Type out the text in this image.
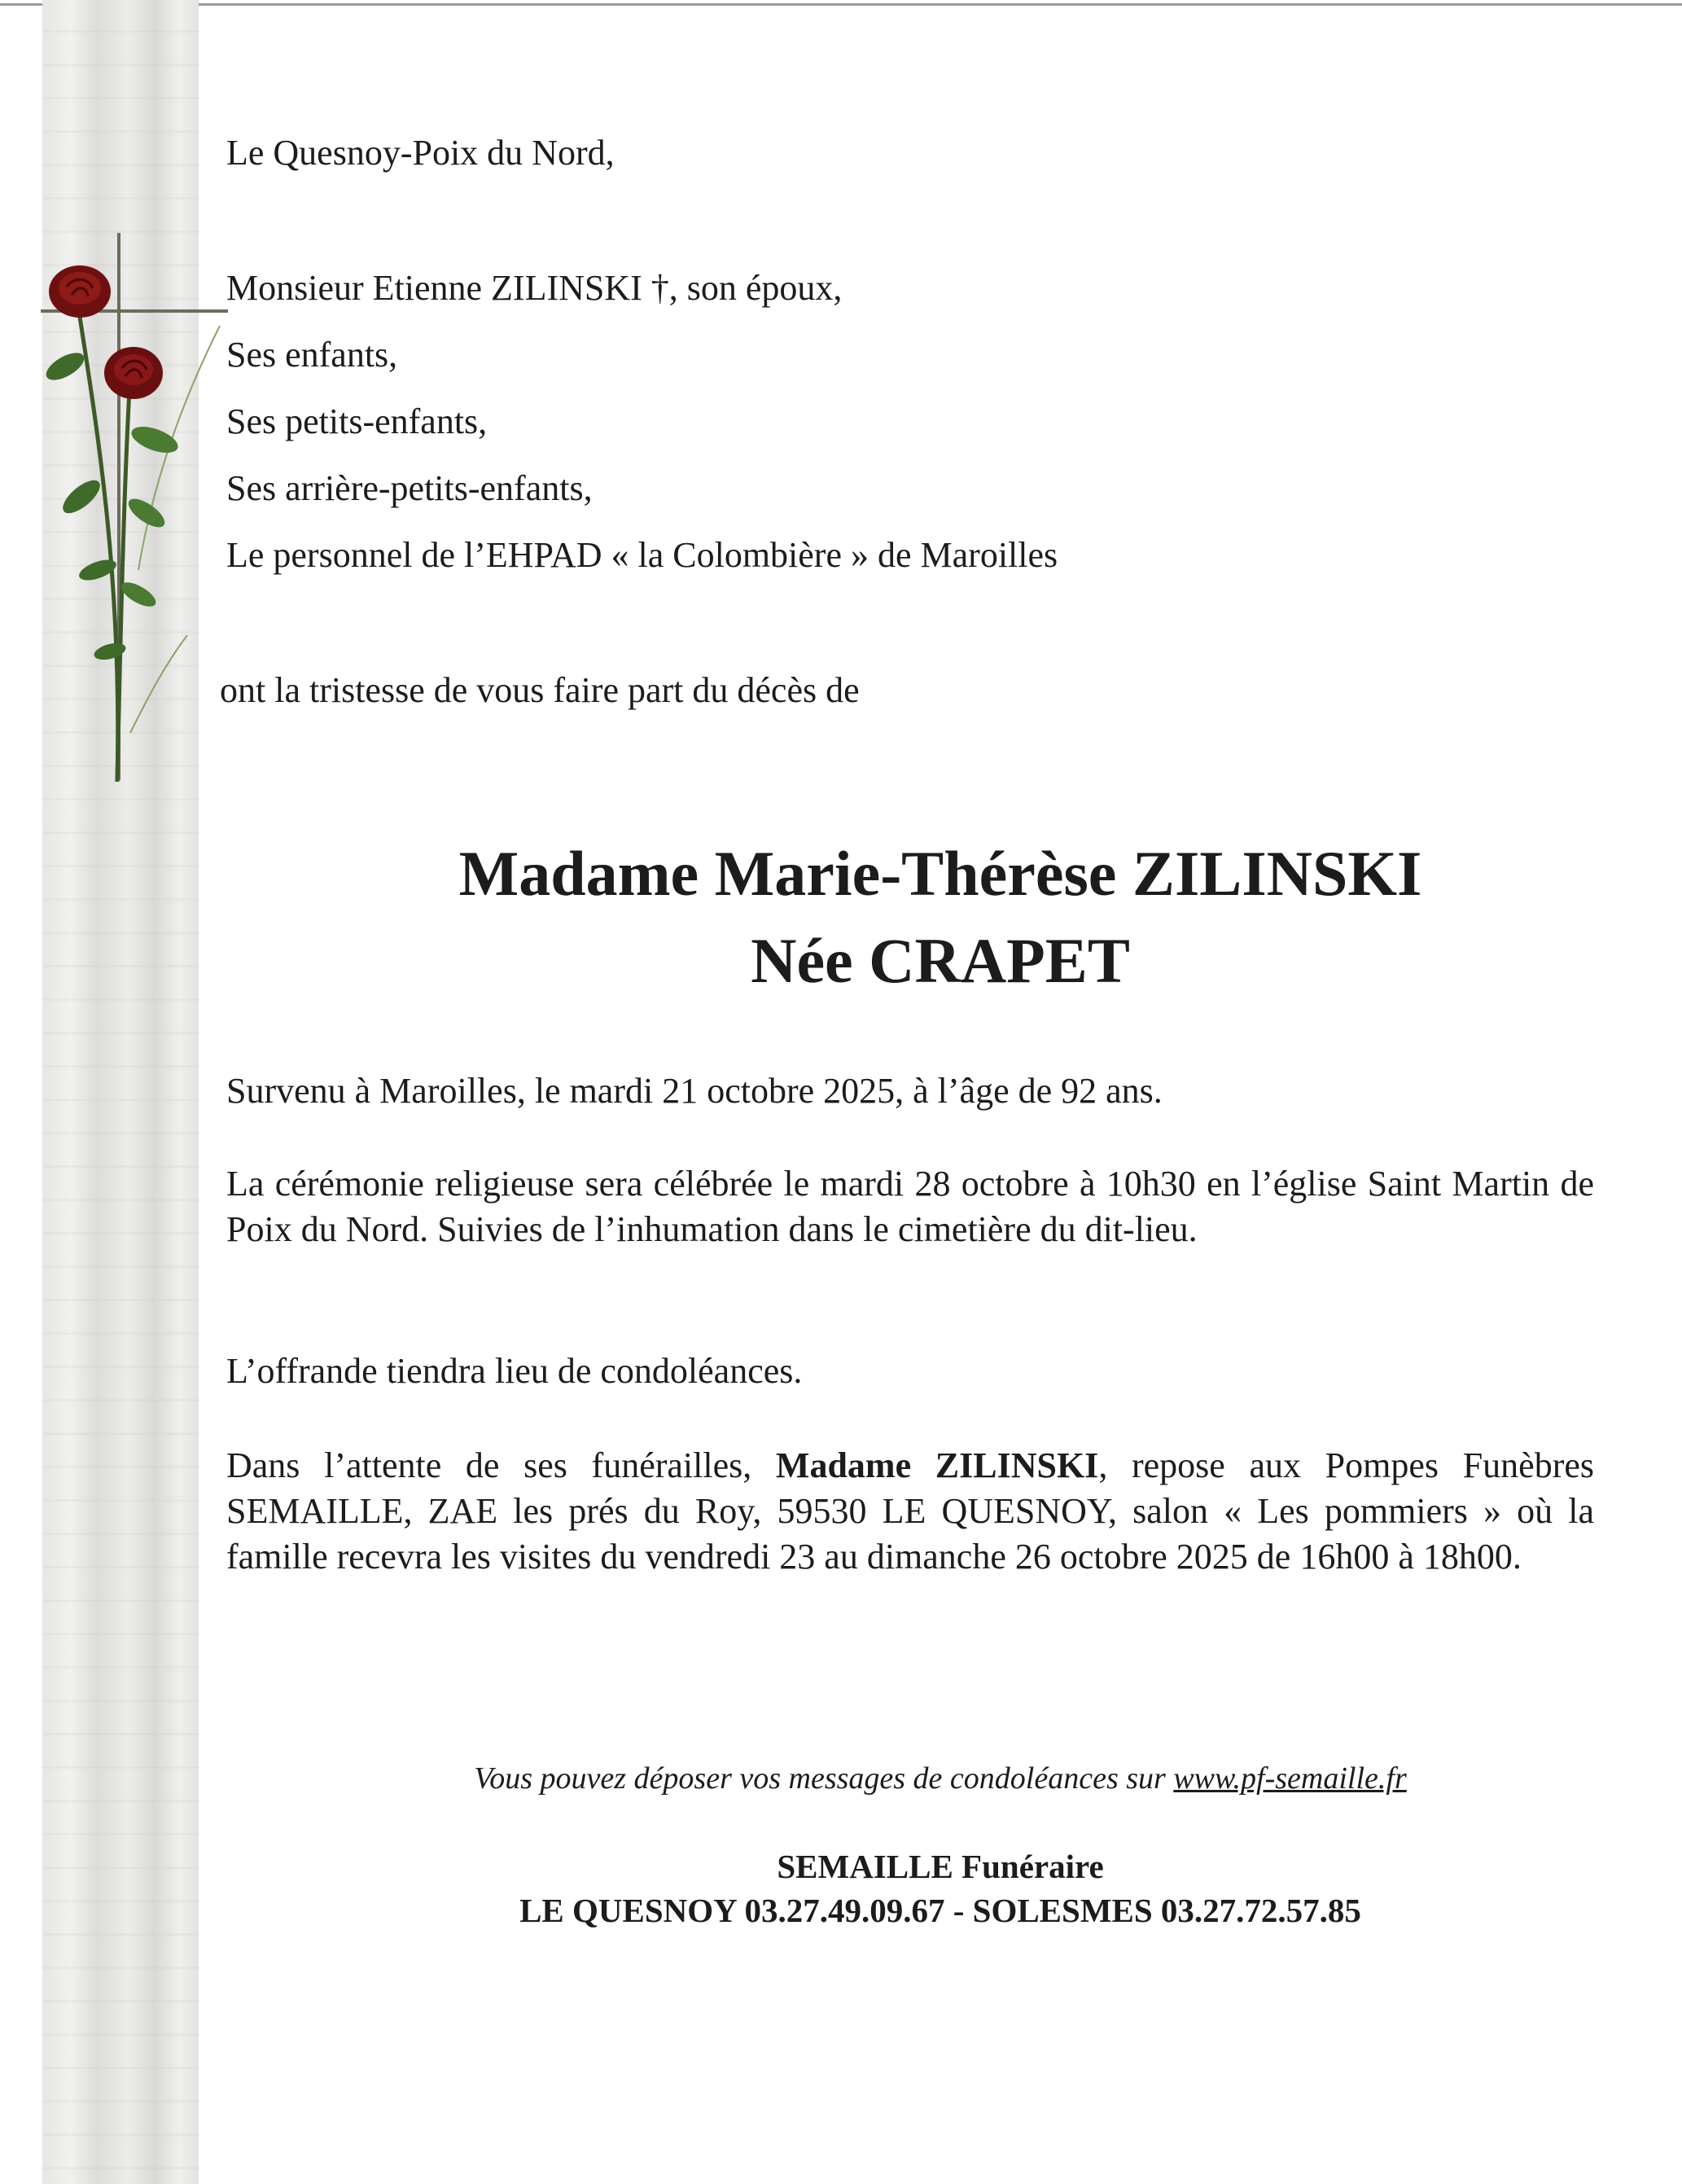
Le Quesnoy-Poix du Nord,

Monsieur Etienne ZILINSKI †, son époux,

Ses enfants,

Ses petits-enfants,

Ses arrière-petits-enfants,

Le personnel de l’EHPAD « la Colombière » de Maroilles

ont la tristesse de vous faire part du décès de

Madame Marie-Thérèse ZILINSKI

Née CRAPET

Survenu à Maroilles, le mardi 21 octobre 2025, à l’âge de 92 ans.

La cérémonie religieuse sera célébrée le mardi 28 octobre à 10h30 en l’église Saint Martin de Poix du Nord. Suivies de l’inhumation dans le cimetière du dit-lieu.

L’offrande tiendra lieu de condoléances.

Dans l’attente de ses funérailles, Madame ZILINSKI, repose aux Pompes Funèbres SEMAILLE, ZAE les prés du Roy, 59530 LE QUESNOY, salon « Les pommiers » où la famille recevra les visites du vendredi 23 au dimanche 26 octobre 2025 de 16h00 à 18h00.

Vous pouvez déposer vos messages de condoléances sur www.pf-semaille.fr

SEMAILLE Funéraire

LE QUESNOY 03.27.49.09.67 - SOLESMES 03.27.72.57.85
